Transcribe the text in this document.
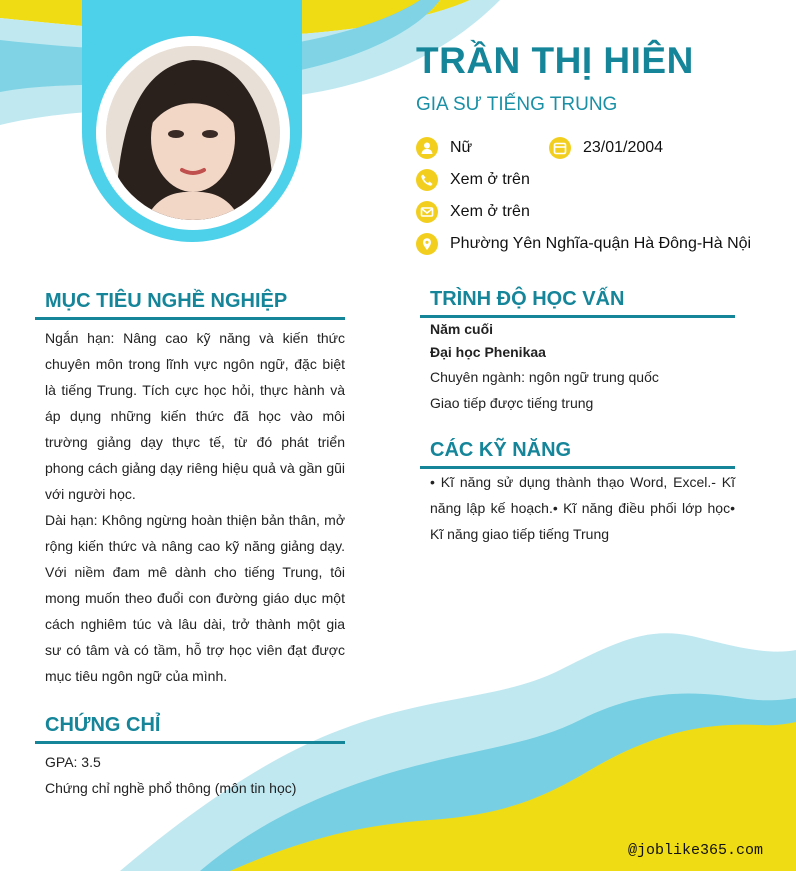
TRẦN THỊ HIÊN
GIA SƯ TIẾNG TRUNG
Nữ	23/01/2004
Xem ở trên
Xem ở trên
Phường Yên Nghĩa-quận Hà Đông-Hà Nội
MỤC TIÊU NGHỀ NGHIỆP

Ngắn hạn: Nâng cao kỹ năng và kiến thức chuyên môn trong lĩnh vực ngôn ngữ, đặc biệt là tiếng Trung. Tích cực học hỏi, thực hành và áp dụng những kiến thức đã học vào môi trường giảng dạy thực tế, từ đó phát triển phong cách giảng dạy riêng hiệu quả và gần gũi với người học.

Dài hạn: Không ngừng hoàn thiện bản thân, mở rộng kiến thức và nâng cao kỹ năng giảng dạy. Với niềm đam mê dành cho tiếng Trung, tôi mong muốn theo đuổi con đường giáo dục một cách nghiêm túc và lâu dài, trở thành một gia sư có tâm và có tầm, hỗ trợ học viên đạt được mục tiêu ngôn ngữ của mình.

CHỨNG CHỈ

GPA: 3.5

Chứng chỉ nghề phổ thông (môn tin học)

TRÌNH ĐỘ HỌC VẤN

Năm cuối

Đại học Phenikaa

Chuyên ngành: ngôn ngữ trung quốc

Giao tiếp được tiếng trung

CÁC KỸ NĂNG

• Kĩ năng sử dụng thành thạo Word, Excel.- Kĩ năng lập kế hoạch.• Kĩ năng điều phối lớp học• Kĩ năng giao tiếp tiếng Trung

@joblike365.com
